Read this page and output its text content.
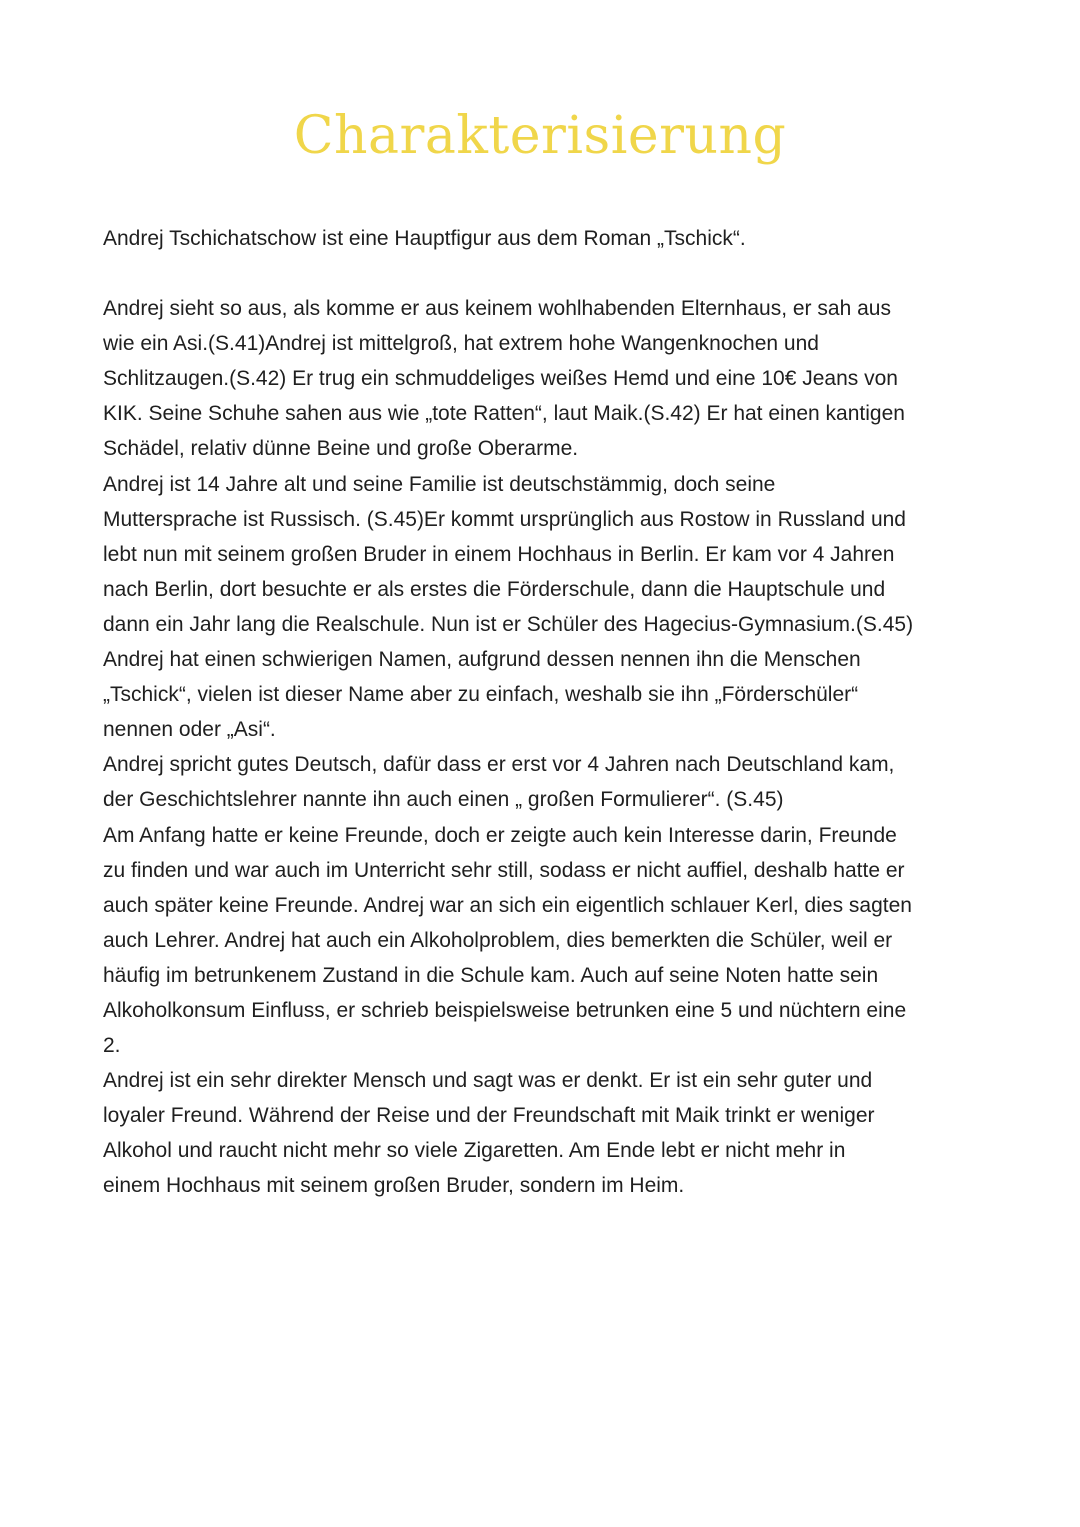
Charakterisierung

Andrej Tschichatschow ist eine Hauptfigur aus dem Roman „Tschick“.

Andrej sieht so aus, als komme er aus keinem wohlhabenden Elternhaus, er sah aus
wie ein Asi.(S.41)Andrej ist mittelgroß, hat extrem hohe Wangenknochen und
Schlitzaugen.(S.42) Er trug ein schmuddeliges weißes Hemd und eine 10€ Jeans von
KIK. Seine Schuhe sahen aus wie „tote Ratten“, laut Maik.(S.42) Er hat einen kantigen
Schädel, relativ dünne Beine und große Oberarme.

Andrej ist 14 Jahre alt und seine Familie ist deutschstämmig, doch seine
Muttersprache ist Russisch. (S.45)Er kommt ursprünglich aus Rostow in Russland und
lebt nun mit seinem großen Bruder in einem Hochhaus in Berlin. Er kam vor 4 Jahren
nach Berlin, dort besuchte er als erstes die Förderschule, dann die Hauptschule und
dann ein Jahr lang die Realschule. Nun ist er Schüler des Hagecius-Gymnasium.(S.45)

Andrej hat einen schwierigen Namen, aufgrund dessen nennen ihn die Menschen
„Tschick“, vielen ist dieser Name aber zu einfach, weshalb sie ihn „Förderschüler“
nennen oder „Asi“.

Andrej spricht gutes Deutsch, dafür dass er erst vor 4 Jahren nach Deutschland kam,
der Geschichtslehrer nannte ihn auch einen „ großen Formulierer“. (S.45)

Am Anfang hatte er keine Freunde, doch er zeigte auch kein Interesse darin, Freunde
zu finden und war auch im Unterricht sehr still, sodass er nicht auffiel, deshalb hatte er
auch später keine Freunde. Andrej war an sich ein eigentlich schlauer Kerl, dies sagten
auch Lehrer. Andrej hat auch ein Alkoholproblem, dies bemerkten die Schüler, weil er
häufig im betrunkenem Zustand in die Schule kam. Auch auf seine Noten hatte sein
Alkoholkonsum Einfluss, er schrieb beispielsweise betrunken eine 5 und nüchtern eine
2.

Andrej ist ein sehr direkter Mensch und sagt was er denkt. Er ist ein sehr guter und
loyaler Freund. Während der Reise und der Freundschaft mit Maik trinkt er weniger
Alkohol und raucht nicht mehr so viele Zigaretten. Am Ende lebt er nicht mehr in
einem Hochhaus mit seinem großen Bruder, sondern im Heim.
